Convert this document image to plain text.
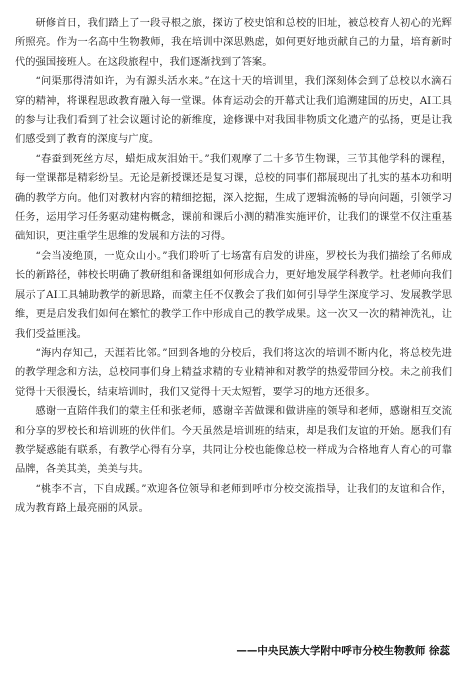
研修首日，我们踏上了一段寻根之旅，探访了校史馆和总校的旧址，被总校育人初心的光辉所照亮。作为一名高中生物教师，我在培训中深思熟虑，如何更好地贡献自己的力量，培育新时代的强国接班人。在这段旅程中，我们逐渐找到了答案。

“问渠那得清如许，为有源头活水来。”在这十天的培训里，我们深刻体会到了总校以水滴石穿的精神，将课程思政教育融入每一堂课。体育运动会的开幕式让我们追溯建国的历史，AI工具的参与让我们看到了社会议题讨论的新维度，途修课中对我国非物质文化遗产的弘扬，更是让我们感受到了教育的深度与广度。

“春蚕到死丝方尽，蜡炬成灰泪始干。”我们观摩了二十多节生物课，三节其他学科的课程，每一堂课都是精彩纷呈。无论是新授课还是复习课，总校的同事们都展现出了扎实的基本功和明确的教学方向。他们对教材内容的精细挖掘，深入挖掘，生成了逻辑流畅的导向问题，引领学习任务，运用学习任务驱动建构概念，课前和课后小测的精准实施评价，让我们的课堂不仅注重基础知识，更注重学生思维的发展和方法的习得。

“会当凌绝顶，一览众山小。”我们聆听了七场富有启发的讲座，罗校长为我们描绘了名师成长的新路径，韩校长明确了教研组和备课组如何形成合力，更好地发展学科教学。杜老师向我们展示了AI工具辅助教学的新思路，而蒙主任不仅教会了我们如何引导学生深度学习、发展教学思维，更是启发我们如何在繁忙的教学工作中形成自己的教学成果。这一次又一次的精神洗礼，让我们受益匪浅。

“海内存知己，天涯若比邻。”回到各地的分校后，我们将这次的培训不断内化，将总校先进的教学理念和方法，总校同事们身上精益求精的专业精神和对教学的热爱带回分校。未之前我们觉得十天很漫长，结束培训时，我们又觉得十天太短暂，要学习的地方还很多。

感谢一直陪伴我们的蒙主任和张老师，感谢辛苦做课和做讲座的领导和老师，感谢相互交流和分享的罗校长和培训班的伙伴们。今天虽然是培训班的结束，却是我们友谊的开始。愿我们有教学疑惑能有联系，有教学心得有分享，共同让分校也能像总校一样成为合格地育人育心的可靠品牌，各美其美，美美与共。

“桃李不言，下自成蹊。”欢迎各位领导和老师到呼市分校交流指导，让我们的友谊和合作，成为教育路上最亮丽的风景。

——中央民族大学附中呼市分校生物教师 徐蕊
